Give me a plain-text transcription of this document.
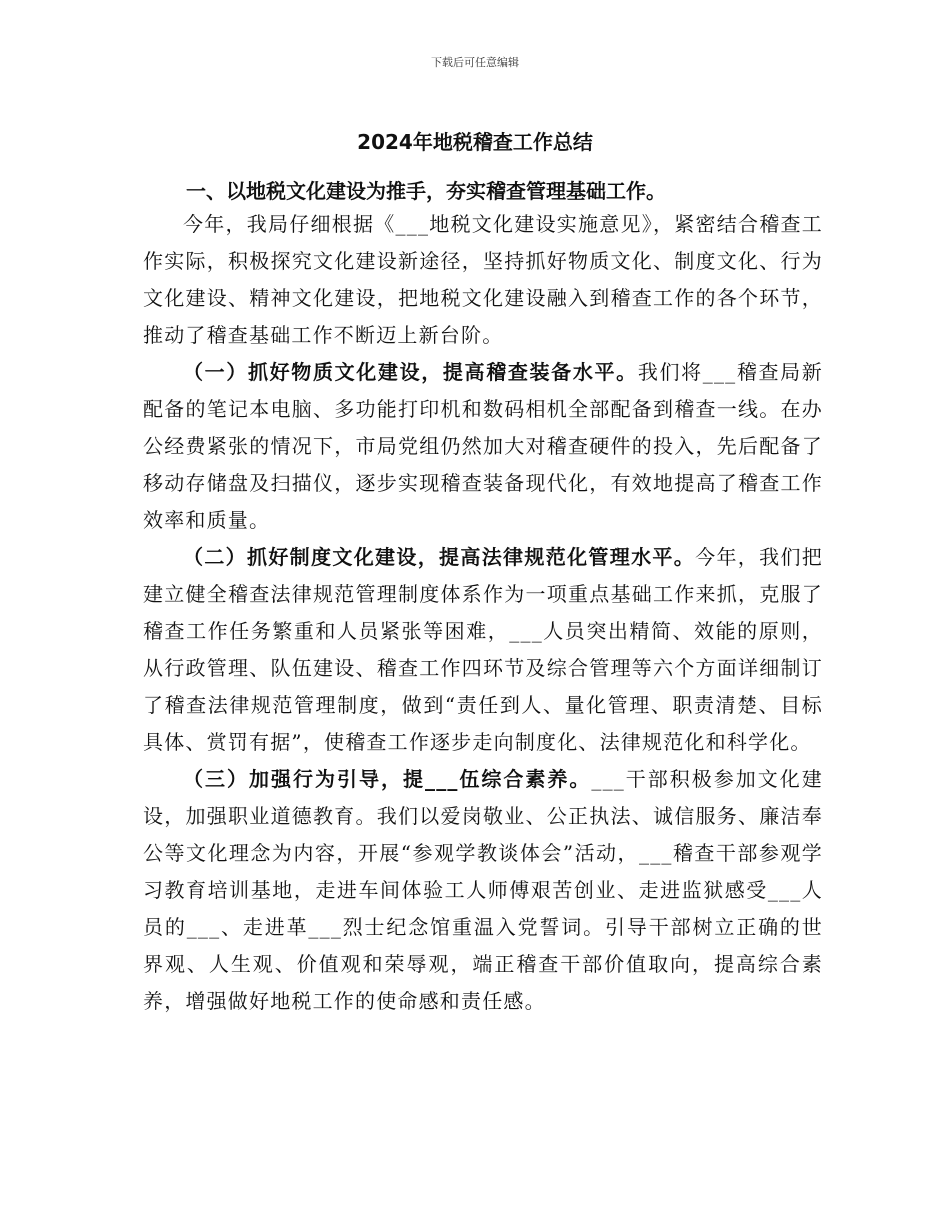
下载后可任意编辑
2024年地税稽查工作总结
一、以地税文化建设为推手，夯实稽查管理基础工作。

今年，我局仔细根据《___地税文化建设实施意见》，紧密结合稽查工作实际，积极探究文化建设新途径，坚持抓好物质文化、制度文化、行为文化建设、精神文化建设，把地税文化建设融入到稽查工作的各个环节，推动了稽查基础工作不断迈上新台阶。

（一）抓好物质文化建设，提高稽查装备水平。我们将___稽查局新配备的笔记本电脑、多功能打印机和数码相机全部配备到稽查一线。在办公经费紧张的情况下，市局党组仍然加大对稽查硬件的投入，先后配备了移动存储盘及扫描仪，逐步实现稽查装备现代化，有效地提高了稽查工作效率和质量。

（二）抓好制度文化建设，提高法律规范化管理水平。今年，我们把建立健全稽查法律规范管理制度体系作为一项重点基础工作来抓，克服了稽查工作任务繁重和人员紧张等困难，___人员突出精简、效能的原则，从行政管理、队伍建设、稽查工作四环节及综合管理等六个方面详细制订了稽查法律规范管理制度，做到“责任到人、量化管理、职责清楚、目标具体、赏罚有据”，使稽查工作逐步走向制度化、法律规范化和科学化。

（三）加强行为引导，提___伍综合素养。___干部积极参加文化建设，加强职业道德教育。我们以爱岗敬业、公正执法、诚信服务、廉洁奉公等文化理念为内容，开展“参观学教谈体会”活动，___稽查干部参观学习教育培训基地，走进车间体验工人师傅艰苦创业、走进监狱感受___人员的___、走进革___烈士纪念馆重温入党誓词。引导干部树立正确的世界观、人生观、价值观和荣辱观，端正稽查干部价值取向，提高综合素养，增强做好地税工作的使命感和责任感。
